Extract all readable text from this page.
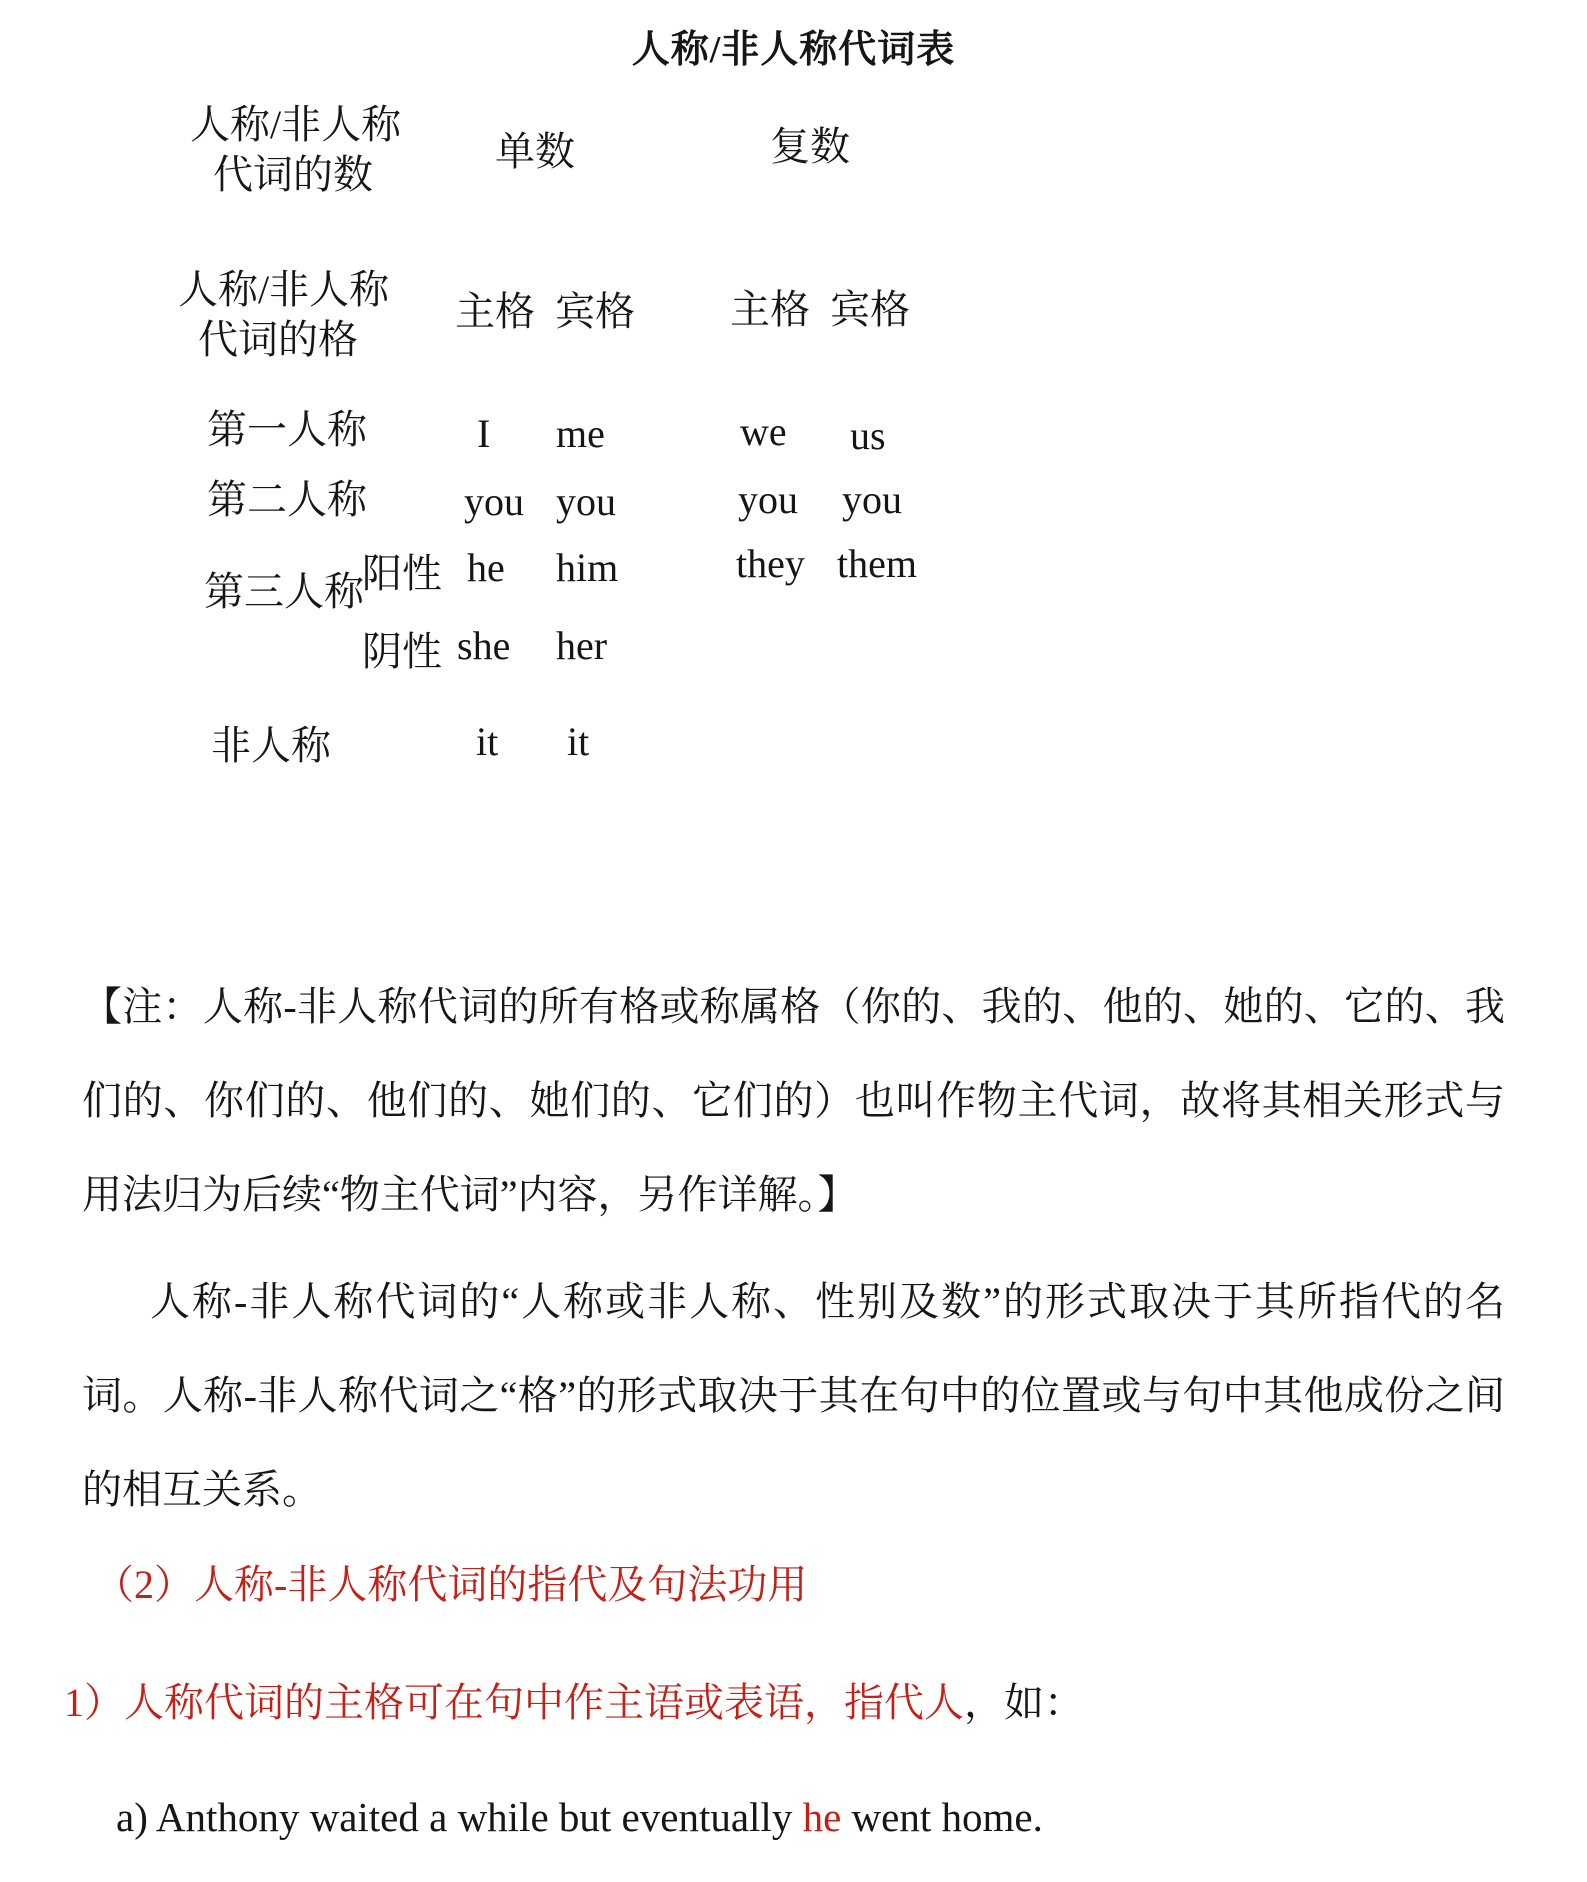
人称/非人称代词表
人称/非人称
代词的数
单数	复数
人称/非人称
代词的格
主格 宾格 主格 宾格
第一人称	I me	we us
第二人称 you you	you you
第三人称
阳性 he him	they them
阴性 she her
非人称	it it

【注：人称-非人称代词的所有格或称属格（你的、我的、他的、她的、它的、我们的、你们的、他们的、她们的、它们的）也叫作物主代词，故将其相关形式与用法归为后续“物主代词”内容，另作详解。】

人称-非人称代词的“人称或非人称、性别及数”的形式取决于其所指代的名词。人称-非人称代词之“格”的形式取决于其在句中的位置或与句中其他成份之间的相互关系。

（2）人称-非人称代词的指代及句法功用

1）人称代词的主格可在句中作主语或表语，指代人，如：

a) Anthony waited a while but eventually he went home.
